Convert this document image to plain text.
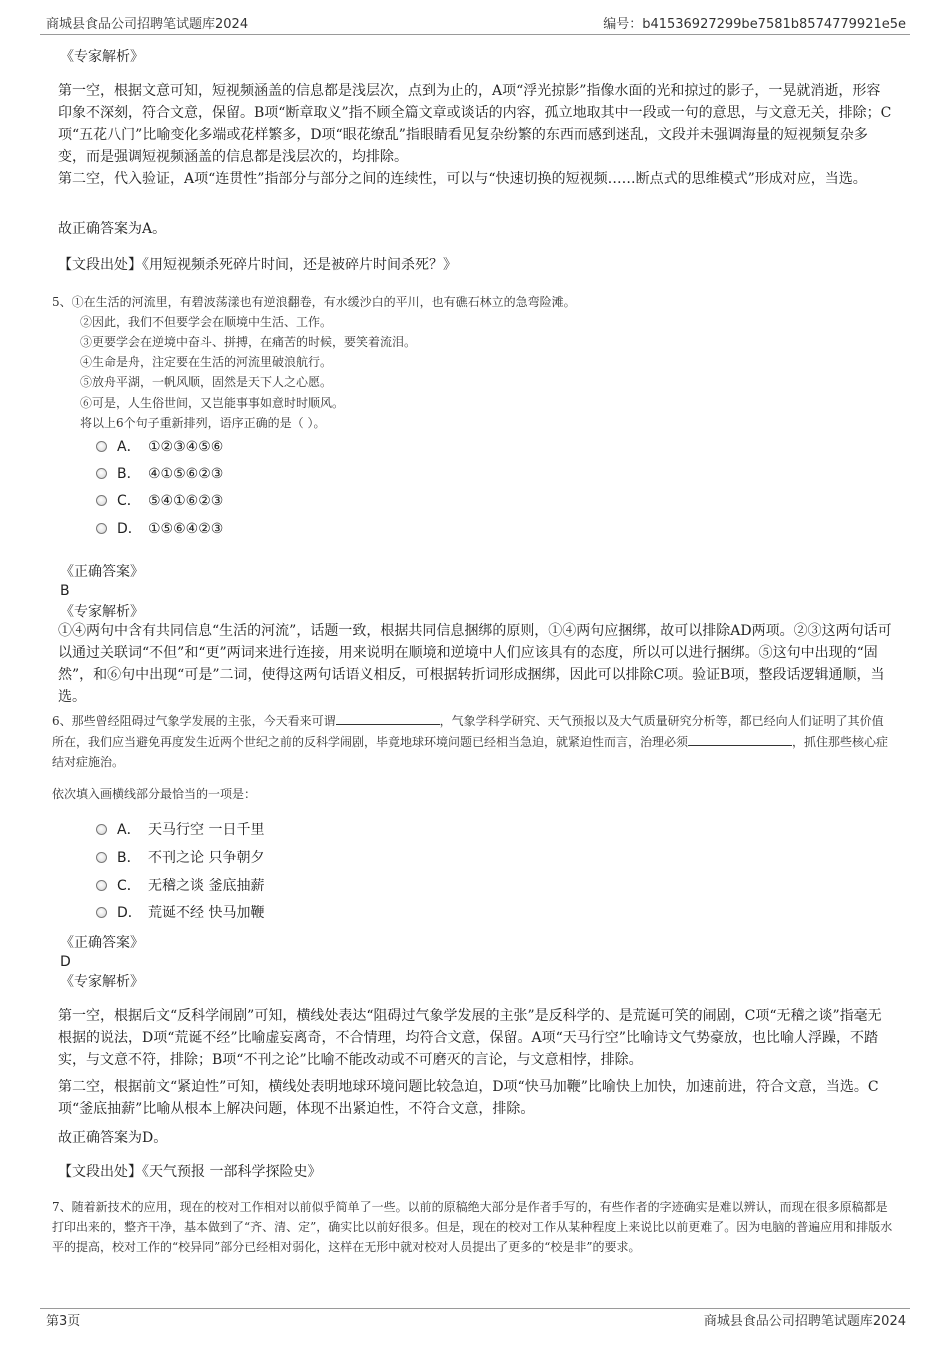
商城县食品公司招聘笔试题库2024	编号：b41536927299be7581b8574779921e5e
《专家解析》
第一空，根据文意可知，短视频涵盖的信息都是浅层次，点到为止的，A项“浮光掠影”指像水面的光和掠过的影子，一晃就消逝，形容印象不深刻，符合文意，保留。B项“断章取义”指不顾全篇文章或谈话的内容，孤立地取其中一段或一句的意思，与文意无关，排除；C项“五花八门”比喻变化多端或花样繁多，D项“眼花缭乱”指眼睛看见复杂纷繁的东西而感到迷乱，文段并未强调海量的短视频复杂多变，而是强调短视频涵盖的信息都是浅层次的，均排除。
第二空，代入验证，A项“连贯性”指部分与部分之间的连续性，可以与“快速切换的短视频……断点式的思维模式”形成对应，当选。
故正确答案为A。
【文段出处】《用短视频杀死碎片时间，还是被碎片时间杀死？》
5、①在生活的河流里，有碧波荡漾也有逆浪翻卷，有水缓沙白的平川，也有礁石林立的急弯险滩。
②因此，我们不但要学会在顺境中生活、工作。
③更要学会在逆境中奋斗、拼搏，在痛苦的时候，要笑着流泪。
④生命是舟，注定要在生活的河流里破浪航行。
⑤放舟平湖，一帆风顺，固然是天下人之心愿。
⑥可是，人生俗世间，又岂能事事如意时时顺风。
将以上6个句子重新排列，语序正确的是（ ）。
A． ①②③④⑤⑥
B． ④①⑤⑥②③
C． ⑤④①⑥②③
D． ①⑤⑥④②③
《正确答案》
B
《专家解析》
①④两句中含有共同信息“生活的河流”，话题一致，根据共同信息捆绑的原则，①④两句应捆绑，故可以排除AD两项。②③这两句话可以通过关联词“不但”和“更”两词来进行连接，用来说明在顺境和逆境中人们应该具有的态度，所以可以进行捆绑。⑤这句中出现的“固然”，和⑥句中出现“可是”二词，使得这两句话语义相反，可根据转折词形成捆绑，因此可以排除C项。验证B项，整段话逻辑通顺，当选。
6、那些曾经阻碍过气象学发展的主张，今天看来可谓	，气象学科学研究、天气预报以及大气质量研究分析等，都已经向人们证明了其价值所在，我们应当避免再度发生近两个世纪之前的反科学闹剧，毕竟地球环境问题已经相当急迫，就紧迫性而言，治理必须	，抓住那些核心症结对症施治。
依次填入画横线部分最恰当的一项是：
A． 天马行空 一日千里
B． 不刊之论 只争朝夕
C． 无稽之谈 釜底抽薪
D． 荒诞不经 快马加鞭
《正确答案》
D
《专家解析》
第一空，根据后文“反科学闹剧”可知，横线处表达“阻碍过气象学发展的主张”是反科学的、是荒诞可笑的闹剧，C项“无稽之谈”指毫无根据的说法，D项“荒诞不经”比喻虚妄离奇，不合情理，均符合文意，保留。A项“天马行空”比喻诗文气势豪放，也比喻人浮躁，不踏实，与文意不符，排除；B项“不刊之论”比喻不能改动或不可磨灭的言论，与文意相悖，排除。
第二空，根据前文“紧迫性”可知，横线处表明地球环境问题比较急迫，D项“快马加鞭”比喻快上加快，加速前进，符合文意，当选。C项“釜底抽薪”比喻从根本上解决问题，体现不出紧迫性，不符合文意，排除。
故正确答案为D。
【文段出处】《天气预报 一部科学探险史》
7、随着新技术的应用，现在的校对工作相对以前似乎简单了一些。以前的原稿绝大部分是作者手写的，有些作者的字迹确实是难以辨认，而现在很多原稿都是打印出来的，整齐干净，基本做到了“齐、清、定”，确实比以前好很多。但是，现在的校对工作从某种程度上来说比以前更难了。因为电脑的普遍应用和排版水平的提高，校对工作的“校异同”部分已经相对弱化，这样在无形中就对校对人员提出了更多的“校是非”的要求。
第3页	商城县食品公司招聘笔试题库2024
